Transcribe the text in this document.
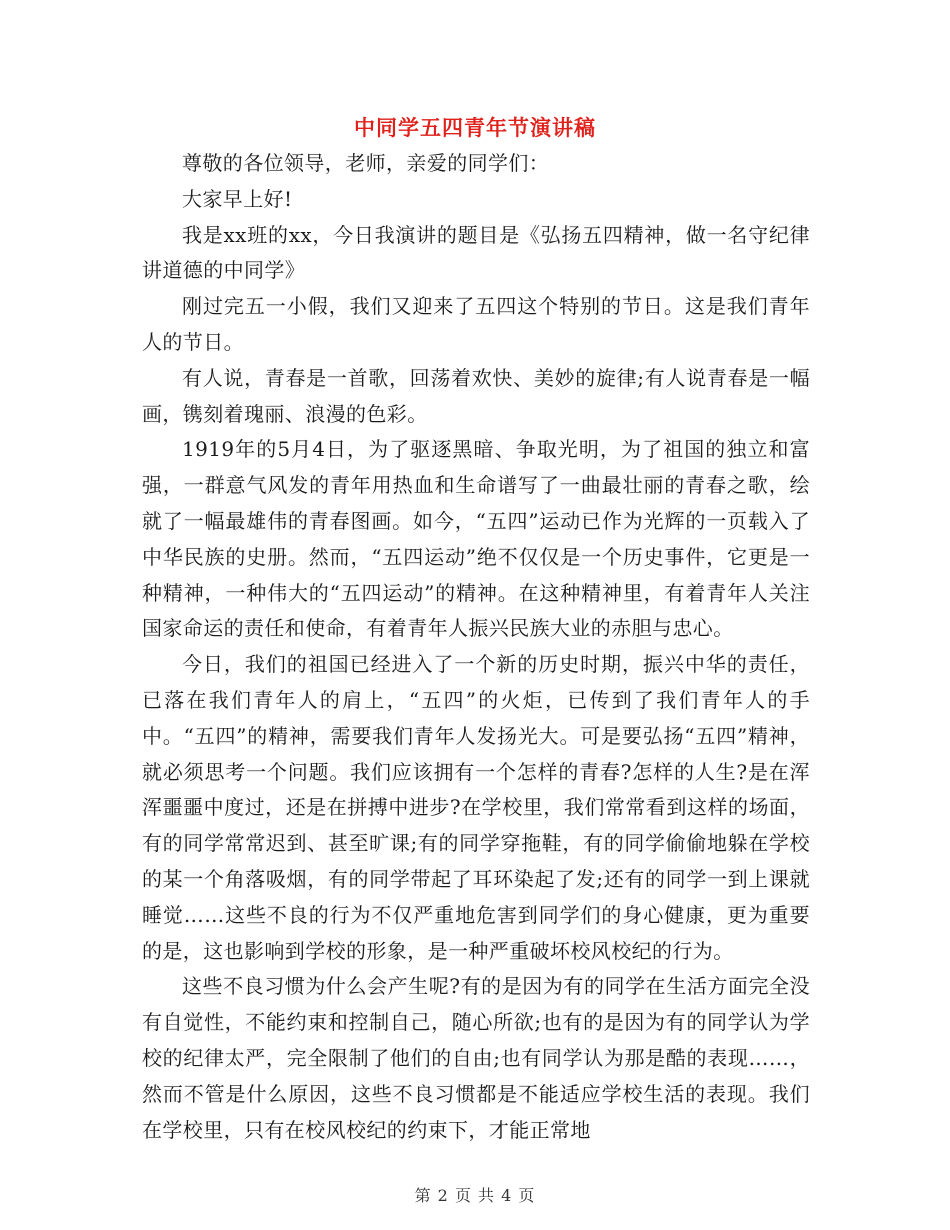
中同学五四青年节演讲稿

尊敬的各位领导，老师，亲爱的同学们：

大家早上好!

我是xx班的xx，今日我演讲的题目是《弘扬五四精神，做一名守纪律讲道德的中同学》

刚过完五一小假，我们又迎来了五四这个特别的节日。这是我们青年人的节日。

有人说，青春是一首歌，回荡着欢快、美妙的旋律;有人说青春是一幅画，镌刻着瑰丽、浪漫的色彩。

1919年的5月4日，为了驱逐黑暗、争取光明，为了祖国的独立和富强，一群意气风发的青年用热血和生命谱写了一曲最壮丽的青春之歌，绘就了一幅最雄伟的青春图画。如今，“五四”运动已作为光辉的一页载入了中华民族的史册。然而，“五四运动”绝不仅仅是一个历史事件，它更是一种精神，一种伟大的“五四运动”的精神。在这种精神里，有着青年人关注国家命运的责任和使命，有着青年人振兴民族大业的赤胆与忠心。

今日，我们的祖国已经进入了一个新的历史时期，振兴中华的责任，已落在我们青年人的肩上，“五四”的火炬，已传到了我们青年人的手中。“五四”的精神，需要我们青年人发扬光大。可是要弘扬“五四”精神，就必须思考一个问题。我们应该拥有一个怎样的青春?怎样的人生?是在浑浑噩噩中度过，还是在拼搏中进步?在学校里，我们常常看到这样的场面，有的同学常常迟到、甚至旷课;有的同学穿拖鞋，有的同学偷偷地躲在学校的某一个角落吸烟，有的同学带起了耳环染起了发;还有的同学一到上课就睡觉……这些不良的行为不仅严重地危害到同学们的身心健康，更为重要的是，这也影响到学校的形象，是一种严重破坏校风校纪的行为。

这些不良习惯为什么会产生呢?有的是因为有的同学在生活方面完全没有自觉性，不能约束和控制自己，随心所欲;也有的是因为有的同学认为学校的纪律太严，完全限制了他们的自由;也有同学认为那是酷的表现……，然而不管是什么原因，这些不良习惯都是不能适应学校生活的表现。我们在学校里，只有在校风校纪的约束下，才能正常地

第 2 页 共 4 页
